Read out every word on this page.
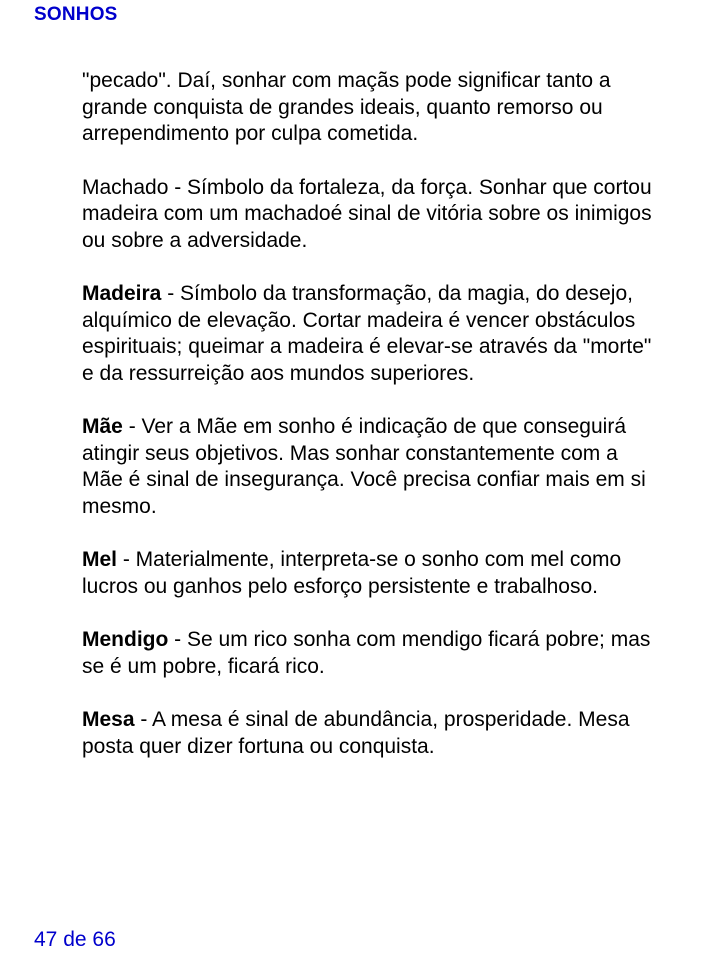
SONHOS

"pecado". Daí, sonhar com maçãs pode significar tanto a grande conquista de grandes ideais, quanto remorso ou arrependimento por culpa cometida.

Machado - Símbolo da fortaleza, da força. Sonhar que cortou madeira com um machadoé sinal de vitória sobre os inimigos ou sobre a adversidade.

Madeira - Símbolo da transformação, da magia, do desejo, alquímico de elevação. Cortar madeira é vencer obstáculos espirituais; queimar a madeira é elevar-se através da "morte" e da ressurreição aos mundos superiores.

Mãe - Ver a Mãe em sonho é indicação de que conseguirá atingir seus objetivos. Mas sonhar constantemente com a Mãe é sinal de insegurança. Você precisa confiar mais em si mesmo.

Mel - Materialmente, interpreta-se o sonho com mel como lucros ou ganhos pelo esforço persistente e trabalhoso.

Mendigo - Se um rico sonha com mendigo ficará pobre; mas se é um pobre, ficará rico.

Mesa - A mesa é sinal de abundância, prosperidade. Mesa posta quer dizer fortuna ou conquista.

47 de 66
